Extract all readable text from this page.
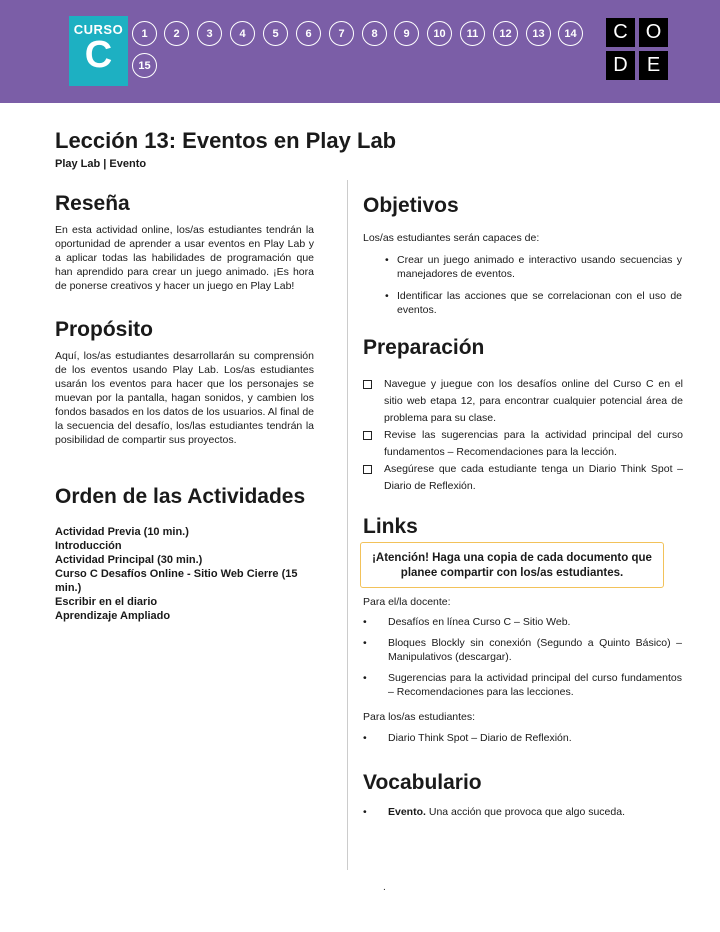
CURSO
C
1	2	3	4	5	6	7	8	9	10	11	12	13	14
15
C O
D E
Lección 13: Eventos en Play Lab
Play Lab | Evento
Reseña

En esta actividad online, los/as estudiantes tendrán la oportunidad de aprender a usar eventos en Play Lab y a aplicar todas las habilidades de programación que han aprendido para crear un juego animado. ¡Es hora de ponerse creativos y hacer un juego en Play Lab!

Propósito

Aquí, los/as estudiantes desarrollarán su comprensión de los eventos usando Play Lab. Los/as estudiantes usarán los eventos para hacer que los personajes se muevan por la pantalla, hagan sonidos, y cambien los fondos basados en los datos de los usuarios. Al final de la secuencia del desafío, los/las estudiantes tendrán la posibilidad de compartir sus proyectos.

Orden de las Actividades
Actividad Previa (10 min.)
Introducción
Actividad Principal (30 min.)
Curso C Desafíos Online - Sitio Web Cierre (15 min.)
Escribir en el diario
Aprendizaje Ampliado
Objetivos
Los/as estudiantes serán capaces de:
• Crear un juego animado e interactivo usando secuencias y manejadores de eventos.
• Identificar las acciones que se correlacionan con el uso de eventos.
Preparación
Navegue y juegue con los desafíos online del Curso C en el sitio web etapa 12, para encontrar cualquier potencial área de problema para su clase.
Revise las sugerencias para la actividad principal del curso fundamentos – Recomendaciones para la lección.
Asegúrese que cada estudiante tenga un Diario Think Spot – Diario de Reflexión.
Links
¡Atención! Haga una copia de cada documento que planee compartir con los/as estudiantes.
Para el/la docente:
• Desafíos en línea Curso C – Sitio Web.
• Bloques Blockly sin conexión (Segundo a Quinto Básico) – Manipulativos (descargar).
• Sugerencias para la actividad principal del curso fundamentos – Recomendaciones para las lecciones.
Para los/as estudiantes:
• Diario Think Spot – Diario de Reflexión.
Vocabulario
• Evento. Una acción que provoca que algo suceda.
.
